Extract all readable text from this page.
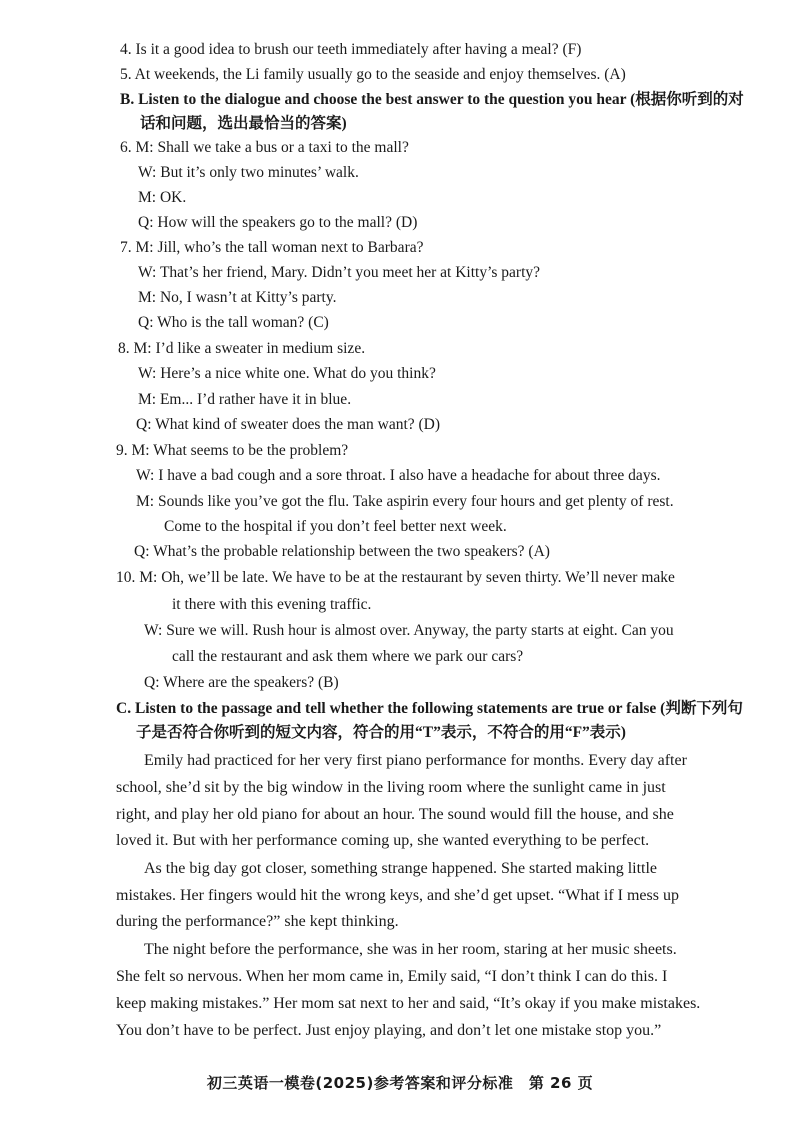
4. Is it a good idea to brush our teeth immediately after having a meal? (F)
5. At weekends, the Li family usually go to the seaside and enjoy themselves. (A)
B. Listen to the dialogue and choose the best answer to the question you hear (根据你听到的对
话和问题，选出最恰当的答案)
6. M: Shall we take a bus or a taxi to the mall?
W: But it’s only two minutes’ walk.
M: OK.
Q: How will the speakers go to the mall? (D)
7. M: Jill, who’s the tall woman next to Barbara?
W: That’s her friend, Mary. Didn’t you meet her at Kitty’s party?
M: No, I wasn’t at Kitty’s party.
Q: Who is the tall woman? (C)
8. M: I’d like a sweater in medium size.
W: Here’s a nice white one. What do you think?
M: Em... I’d rather have it in blue.
Q: What kind of sweater does the man want? (D)
9. M: What seems to be the problem?
W: I have a bad cough and a sore throat. I also have a headache for about three days.
M: Sounds like you’ve got the flu. Take aspirin every four hours and get plenty of rest.
Come to the hospital if you don’t feel better next week.
Q: What’s the probable relationship between the two speakers? (A)
10. M: Oh, we’ll be late. We have to be at the restaurant by seven thirty. We’ll never make
it there with this evening traffic.
W: Sure we will. Rush hour is almost over. Anyway, the party starts at eight. Can you
call the restaurant and ask them where we park our cars?
Q: Where are the speakers? (B)
C. Listen to the passage and tell whether the following statements are true or false (判断下列句
子是否符合你听到的短文内容，符合的用“T”表示，不符合的用“F”表示)
Emily had practiced for her very first piano performance for months. Every day after
school, she’d sit by the big window in the living room where the sunlight came in just
right, and play her old piano for about an hour. The sound would fill the house, and she
loved it. But with her performance coming up, she wanted everything to be perfect.
As the big day got closer, something strange happened. She started making little
mistakes. Her fingers would hit the wrong keys, and she’d get upset. “What if I mess up
during the performance?” she kept thinking.
The night before the performance, she was in her room, staring at her music sheets.
She felt so nervous. When her mom came in, Emily said, “I don’t think I can do this. I
keep making mistakes.” Her mom sat next to her and said, “It’s okay if you make mistakes.
You don’t have to be perfect. Just enjoy playing, and don’t let one mistake stop you.”
初三英语一模卷(2025)参考答案和评分标准　第 26 页
